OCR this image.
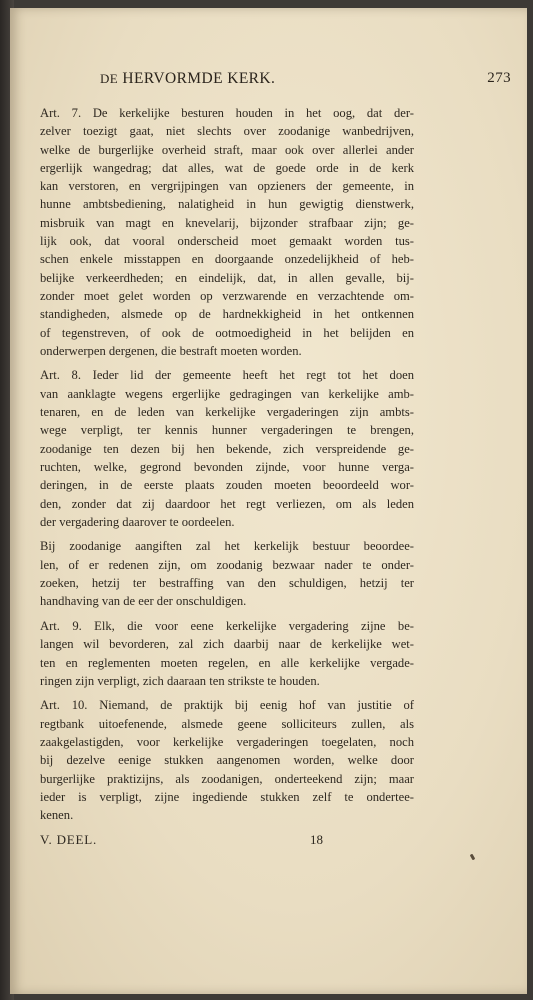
DE HERVORMDE KERK.	273
Art. 7. De kerkelijke besturen houden in het oog, dat der-
zelver toezigt gaat, niet slechts over zoodanige wanbedrijven,
welke de burgerlijke overheid straft, maar ook over allerlei ander
ergerlijk wangedrag; dat alles, wat de goede orde in de kerk
kan verstoren, en vergrijpingen van opzieners der gemeente, in
hunne ambtsbediening, nalatigheid in hun gewigtig dienstwerk,
misbruik van magt en knevelarij, bijzonder strafbaar zijn; ge-
lijk ook, dat vooral onderscheid moet gemaakt worden tus-
schen enkele misstappen en doorgaande onzedelijkheid of heb-
belijke verkeerdheden; en eindelijk, dat, in allen gevalle, bij-
zonder moet gelet worden op verzwarende en verzachtende om-
standigheden, alsmede op de hardnekkigheid in het ontkennen
of tegenstreven, of ook de ootmoedigheid in het belijden en
onderwerpen dergenen, die bestraft moeten worden.
Art. 8. Ieder lid der gemeente heeft het regt tot het doen
van aanklagte wegens ergerlijke gedragingen van kerkelijke amb-
tenaren, en de leden van kerkelijke vergaderingen zijn ambts-
wege verpligt, ter kennis hunner vergaderingen te brengen,
zoodanige ten dezen bij hen bekende, zich verspreidende ge-
ruchten, welke, gegrond bevonden zijnde, voor hunne verga-
deringen, in de eerste plaats zouden moeten beoordeeld wor-
den, zonder dat zij daardoor het regt verliezen, om als leden
der vergadering daarover te oordeelen.
Bij zoodanige aangiften zal het kerkelijk bestuur beoordee-
len, of er redenen zijn, om zoodanig bezwaar nader te onder-
zoeken, hetzij ter bestraffing van den schuldigen, hetzij ter
handhaving van de eer der onschuldigen.
Art. 9. Elk, die voor eene kerkelijke vergadering zijne be-
langen wil bevorderen, zal zich daarbij naar de kerkelijke wet-
ten en reglementen moeten regelen, en alle kerkelijke vergade-
ringen zijn verpligt, zich daaraan ten strikste te houden.
Art. 10. Niemand, de praktijk bij eenig hof van justitie of
regtbank uitoefenende, alsmede geene solliciteurs zullen, als
zaakgelastigden, voor kerkelijke vergaderingen toegelaten, noch
bij dezelve eenige stukken aangenomen worden, welke door
burgerlijke praktizijns, als zoodanigen, onderteekend zijn; maar
ieder is verpligt, zijne ingediende stukken zelf te ondertee-
kenen.
V. DEEL.	18
